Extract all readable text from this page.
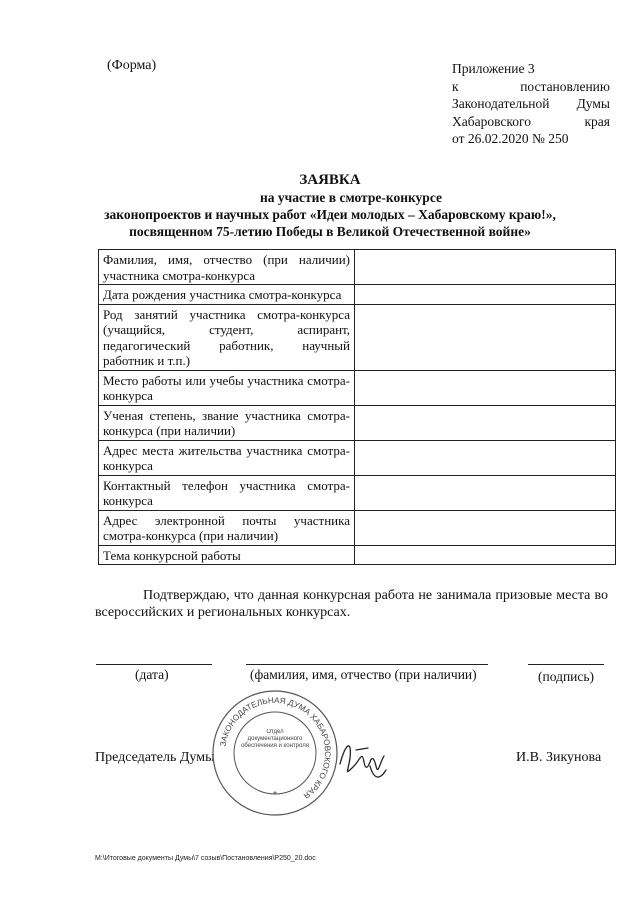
(Форма)	Приложение 3
к	постановлению
Законодательной Думы
Хабаровского	края
от 26.02.2020 № 250
ЗАЯВКА
на участие в смотре-конкурсе
законопроектов и научных работ «Идеи молодых – Хабаровскому краю!»,
посвященном 75-летию Победы в Великой Отечественной войне»
Фамилия, имя, отчество (при наличии) участника смотра-конкурса	
Дата рождения участника смотра-конкурса	
Род занятий участника смотра-конкурса (учащийся, студент, аспирант, педагогический работник, научный работник и т.п.)	
Место работы или учебы участника смотра-конкурса	
Ученая степень, звание участника смотра-конкурса (при наличии)	
Адрес места жительства участника смотра-конкурса	
Контактный телефон участника смотра-конкурса	
Адрес электронной почты участника смотра-конкурса (при наличии)	
Тема конкурсной работы	
Подтверждаю, что данная конкурсная работа не занимала призовые места во всероссийских и региональных конкурсах.
(дата)	(фамилия, имя, отчество (при наличии)	(подпись)
Председатель Думы	И.В. Зикунова
ЗАКОНОДАТЕЛЬНАЯ ДУМА ХАБАРОВСКОГО КРАЯ
Отдел документационного обеспечения и контроля
*
M:\Итоговые документы Думы\7 созыв\Постановления\P250_20.doc
